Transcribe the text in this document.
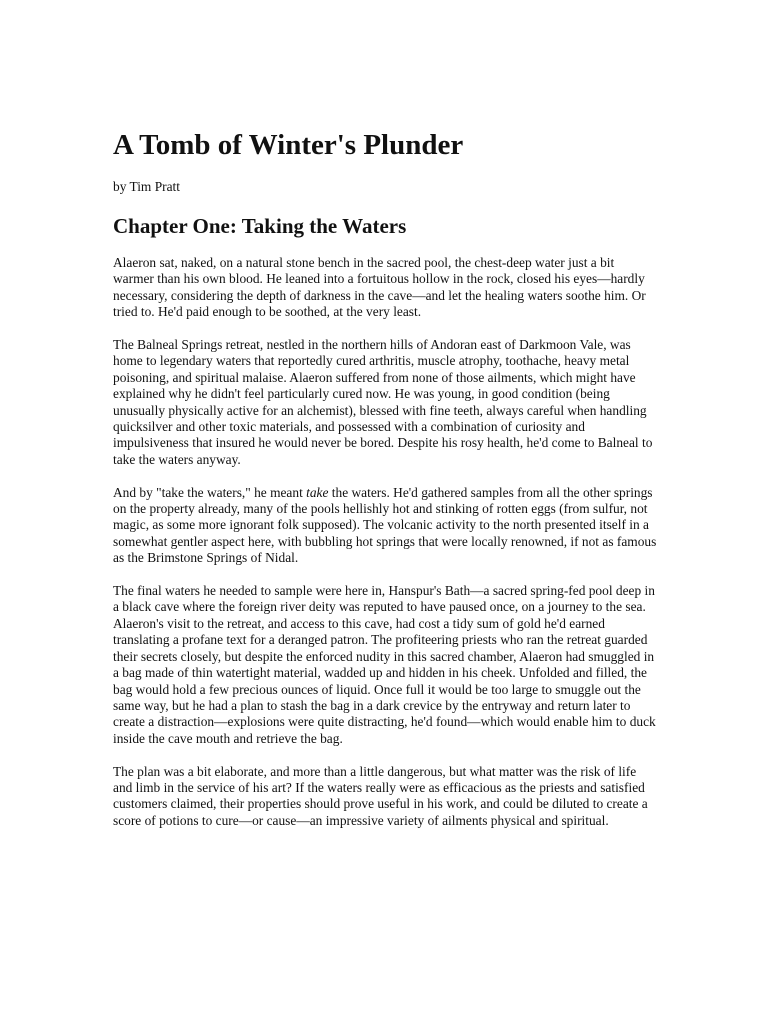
A Tomb of Winter's Plunder

by Tim Pratt

Chapter One: Taking the Waters

Alaeron sat, naked, on a natural stone bench in the sacred pool, the chest-deep water just a bit warmer than his own blood. He leaned into a fortuitous hollow in the rock, closed his eyes—hardly necessary, considering the depth of darkness in the cave—and let the healing waters soothe him. Or tried to. He'd paid enough to be soothed, at the very least.

The Balneal Springs retreat, nestled in the northern hills of Andoran east of Darkmoon Vale, was home to legendary waters that reportedly cured arthritis, muscle atrophy, toothache, heavy metal poisoning, and spiritual malaise. Alaeron suffered from none of those ailments, which might have explained why he didn't feel particularly cured now. He was young, in good condition (being unusually physically active for an alchemist), blessed with fine teeth, always careful when handling quicksilver and other toxic materials, and possessed with a combination of curiosity and impulsiveness that insured he would never be bored. Despite his rosy health, he'd come to Balneal to take the waters anyway.

And by "take the waters," he meant take the waters. He'd gathered samples from all the other springs on the property already, many of the pools hellishly hot and stinking of rotten eggs (from sulfur, not magic, as some more ignorant folk supposed). The volcanic activity to the north presented itself in a somewhat gentler aspect here, with bubbling hot springs that were locally renowned, if not as famous as the Brimstone Springs of Nidal.

The final waters he needed to sample were here in, Hanspur's Bath—a sacred spring-fed pool deep in a black cave where the foreign river deity was reputed to have paused once, on a journey to the sea. Alaeron's visit to the retreat, and access to this cave, had cost a tidy sum of gold he'd earned translating a profane text for a deranged patron. The profiteering priests who ran the retreat guarded their secrets closely, but despite the enforced nudity in this sacred chamber, Alaeron had smuggled in a bag made of thin watertight material, wadded up and hidden in his cheek. Unfolded and filled, the bag would hold a few precious ounces of liquid. Once full it would be too large to smuggle out the same way, but he had a plan to stash the bag in a dark crevice by the entryway and return later to create a distraction—explosions were quite distracting, he'd found—which would enable him to duck inside the cave mouth and retrieve the bag.

The plan was a bit elaborate, and more than a little dangerous, but what matter was the risk of life and limb in the service of his art? If the waters really were as efficacious as the priests and satisfied customers claimed, their properties should prove useful in his work, and could be diluted to create a score of potions to cure—or cause—an impressive variety of ailments physical and spiritual.
